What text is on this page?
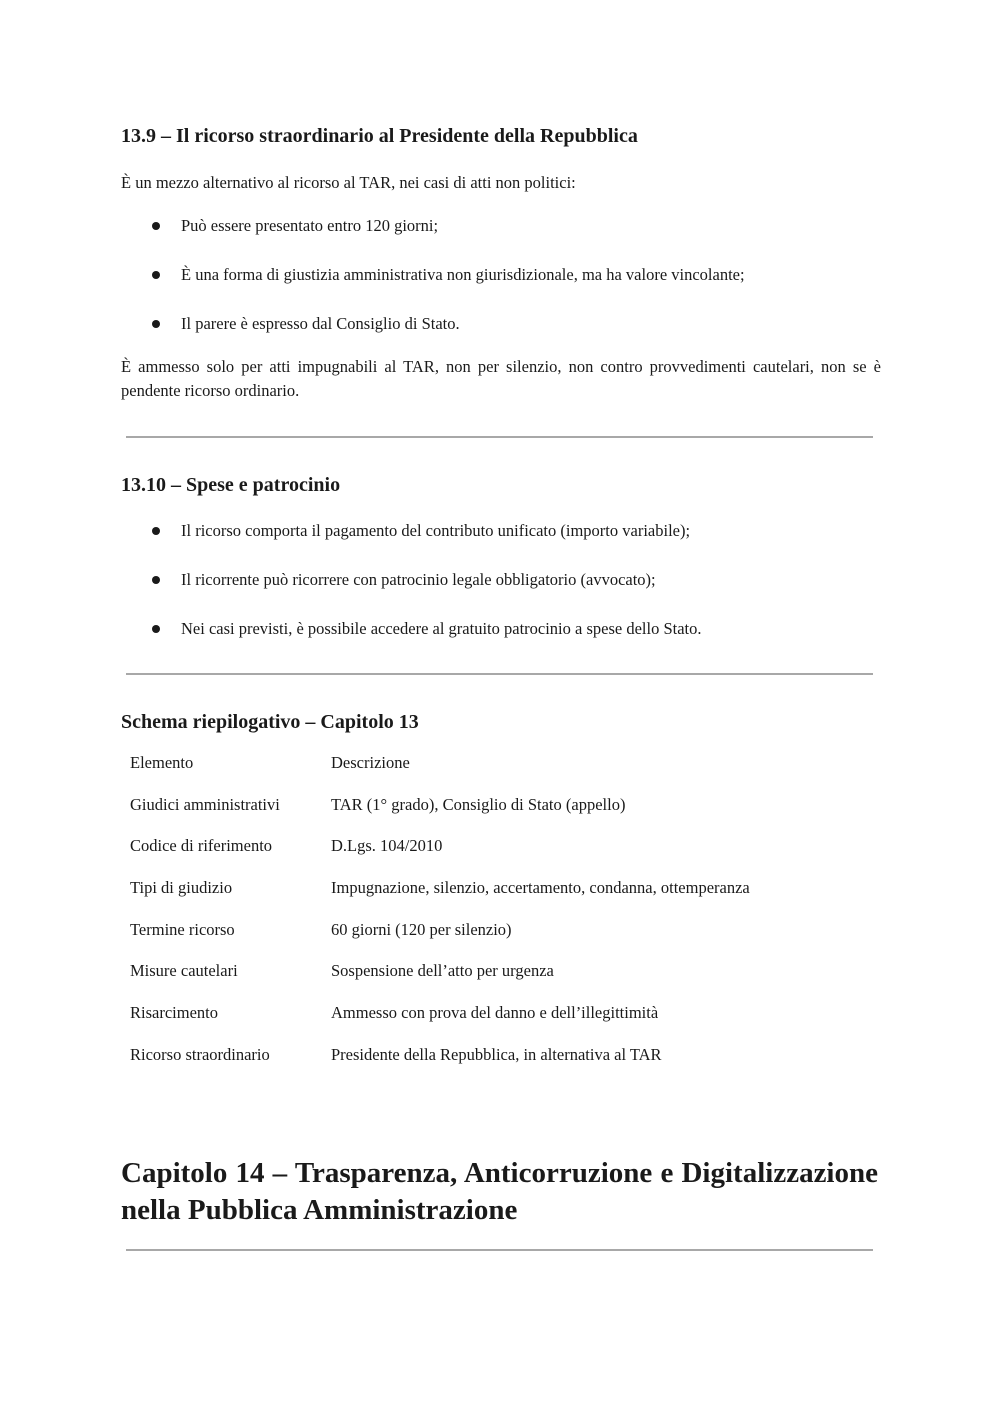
13.9 – Il ricorso straordinario al Presidente della Repubblica

È un mezzo alternativo al ricorso al TAR, nei casi di atti non politici:

Può essere presentato entro 120 giorni;
È una forma di giustizia amministrativa non giurisdizionale, ma ha valore vincolante;
Il parere è espresso dal Consiglio di Stato.

È ammesso solo per atti impugnabili al TAR, non per silenzio, non contro provvedimenti cautelari, non se è pendente ricorso ordinario.

13.10 – Spese e patrocinio
Il ricorso comporta il pagamento del contributo unificato (importo variabile);
Il ricorrente può ricorrere con patrocinio legale obbligatorio (avvocato);
Nei casi previsti, è possibile accedere al gratuito patrocinio a spese dello Stato.
Schema riepilogativo – Capitolo 13
Elemento	Descrizione
Giudici amministrativi	TAR (1° grado), Consiglio di Stato (appello)
Codice di riferimento	D.Lgs. 104/2010
Tipi di giudizio	Impugnazione, silenzio, accertamento, condanna, ottemperanza
Termine ricorso	60 giorni (120 per silenzio)
Misure cautelari	Sospensione dell’atto per urgenza
Risarcimento	Ammesso con prova del danno e dell’illegittimità
Ricorso straordinario	Presidente della Repubblica, in alternativa al TAR
Capitolo 14 – Trasparenza, Anticorruzione e Digitalizzazione nella Pubblica Amministrazione
